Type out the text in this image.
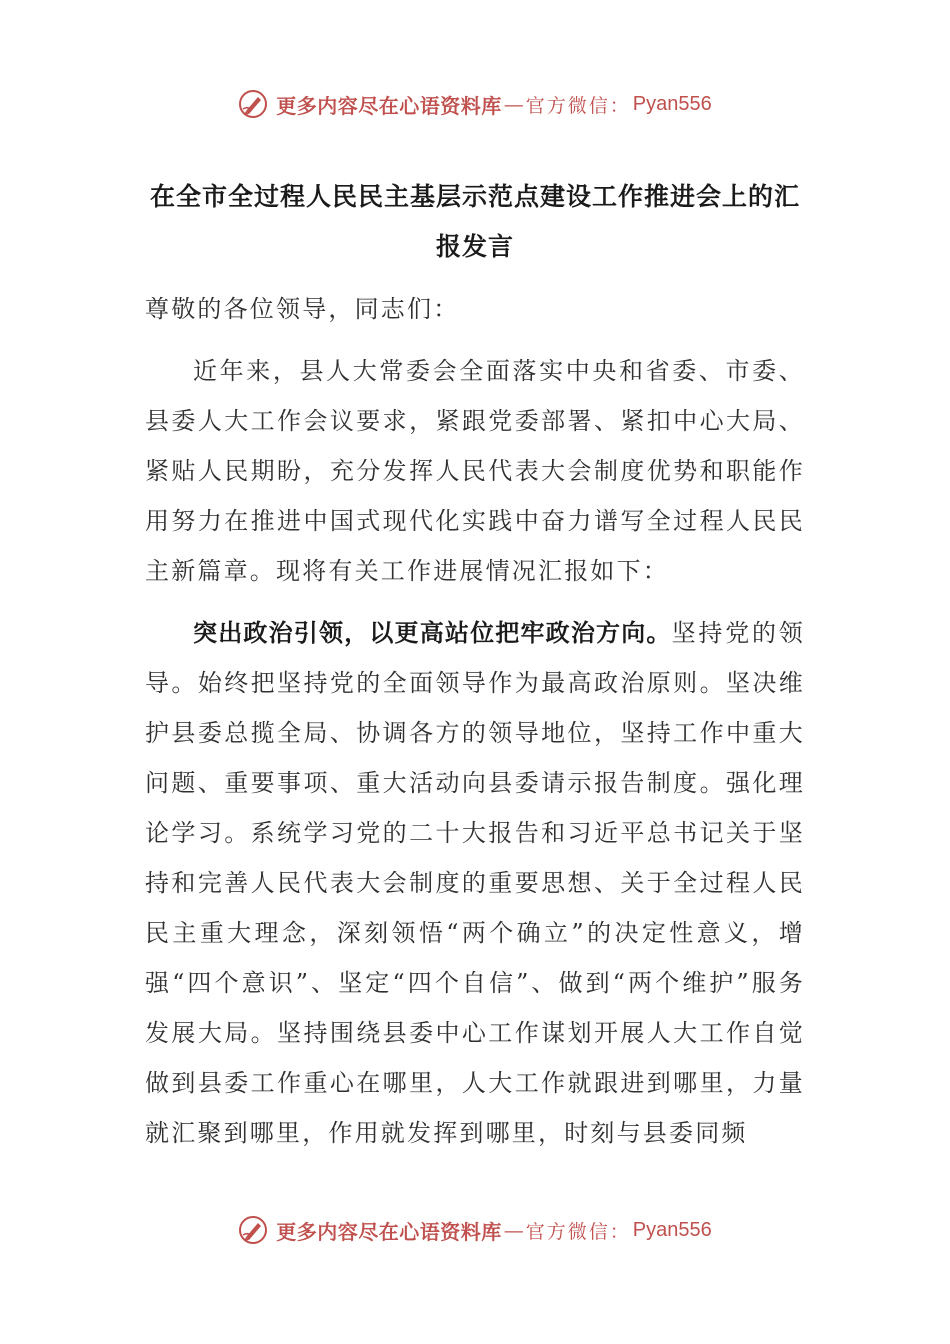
更多内容尽在心语资料库 — 官方微信： Pyan556
在全市全过程人民民主基层示范点建设工作推进会上的汇报发言

尊敬的各位领导，同志们：

近年来，县人大常委会全面落实中央和省委、市委、县委人大工作会议要求，紧跟党委部署、紧扣中心大局、紧贴人民期盼，充分发挥人民代表大会制度优势和职能作用努力在推进中国式现代化实践中奋力谱写全过程人民民主新篇章。现将有关工作进展情况汇报如下：

突出政治引领，以更高站位把牢政治方向。坚持党的领导。始终把坚持党的全面领导作为最高政治原则。坚决维护县委总揽全局、协调各方的领导地位，坚持工作中重大问题、重要事项、重大活动向县委请示报告制度。强化理论学习。系统学习党的二十大报告和习近平总书记关于坚持和完善人民代表大会制度的重要思想、关于全过程人民民主重大理念，深刻领悟“两个确立”的决定性意义，增强“四个意识”、坚定“四个自信”、做到“两个维护”服务发展大局。坚持围绕县委中心工作谋划开展人大工作自觉做到县委工作重心在哪里，人大工作就跟进到哪里，力量就汇聚到哪里，作用就发挥到哪里，时刻与县委同频

更多内容尽在心语资料库 — 官方微信： Pyan556
